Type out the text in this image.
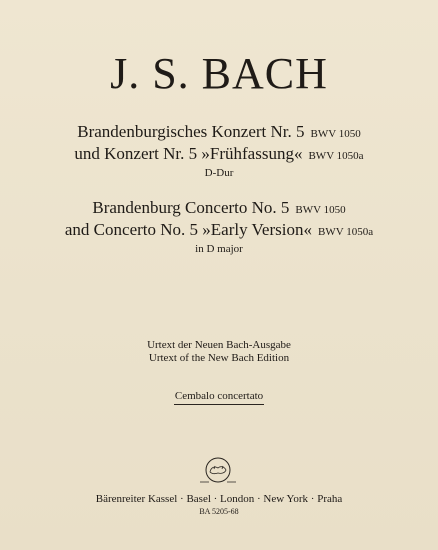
J. S. BACH
Brandenburgisches Konzert Nr. 5 BWV 1050
und Konzert Nr. 5 »Frühfassung« BWV 1050a
D-Dur
Brandenburg Concerto No. 5 BWV 1050
and Concerto No. 5 »Early Version« BWV 1050a
in D major
Urtext der Neuen Bach-Ausgabe
Urtext of the New Bach Edition
Cembalo concertato
Bärenreiter Kassel · Basel · London · New York · Praha
BA 5205-68
